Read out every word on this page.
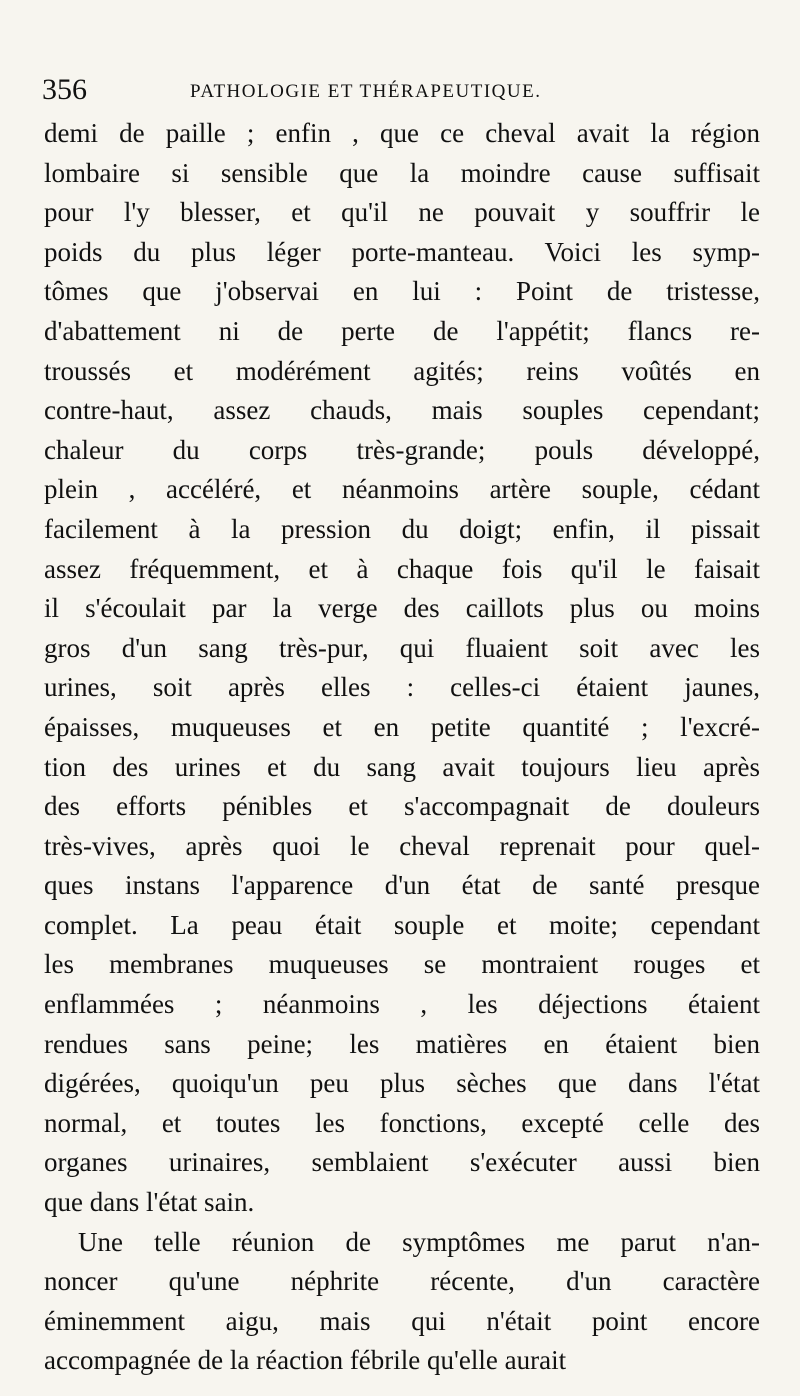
356	PATHOLOGIE ET THÉRAPEUTIQUE.
demi de paille ; enfin , que ce cheval avait la région
lombaire si sensible que la moindre cause suffisait
pour l'y blesser, et qu'il ne pouvait y souffrir le
poids du plus léger porte-manteau. Voici les symp-
tômes que j'observai en lui : Point de tristesse,
d'abattement ni de perte de l'appétit; flancs re-
troussés et modérément agités; reins voûtés en
contre-haut, assez chauds, mais souples cependant;
chaleur du corps très-grande; pouls développé,
plein , accéléré, et néanmoins artère souple, cédant
facilement à la pression du doigt; enfin, il pissait
assez fréquemment, et à chaque fois qu'il le faisait
il s'écoulait par la verge des caillots plus ou moins
gros d'un sang très-pur, qui fluaient soit avec les
urines, soit après elles : celles-ci étaient jaunes,
épaisses, muqueuses et en petite quantité ; l'excré-
tion des urines et du sang avait toujours lieu après
des efforts pénibles et s'accompagnait de douleurs
très-vives, après quoi le cheval reprenait pour quel-
ques instans l'apparence d'un état de santé presque
complet. La peau était souple et moite; cependant
les membranes muqueuses se montraient rouges et
enflammées ; néanmoins , les déjections étaient
rendues sans peine; les matières en étaient bien
digérées, quoiqu'un peu plus sèches que dans l'état
normal, et toutes les fonctions, excepté celle des
organes urinaires, semblaient s'exécuter aussi bien
que dans l'état sain.
Une telle réunion de symptômes me parut n'an-
noncer qu'une néphrite récente, d'un caractère
éminemment aigu, mais qui n'était point encore
accompagnée de la réaction fébrile qu'elle aurait
